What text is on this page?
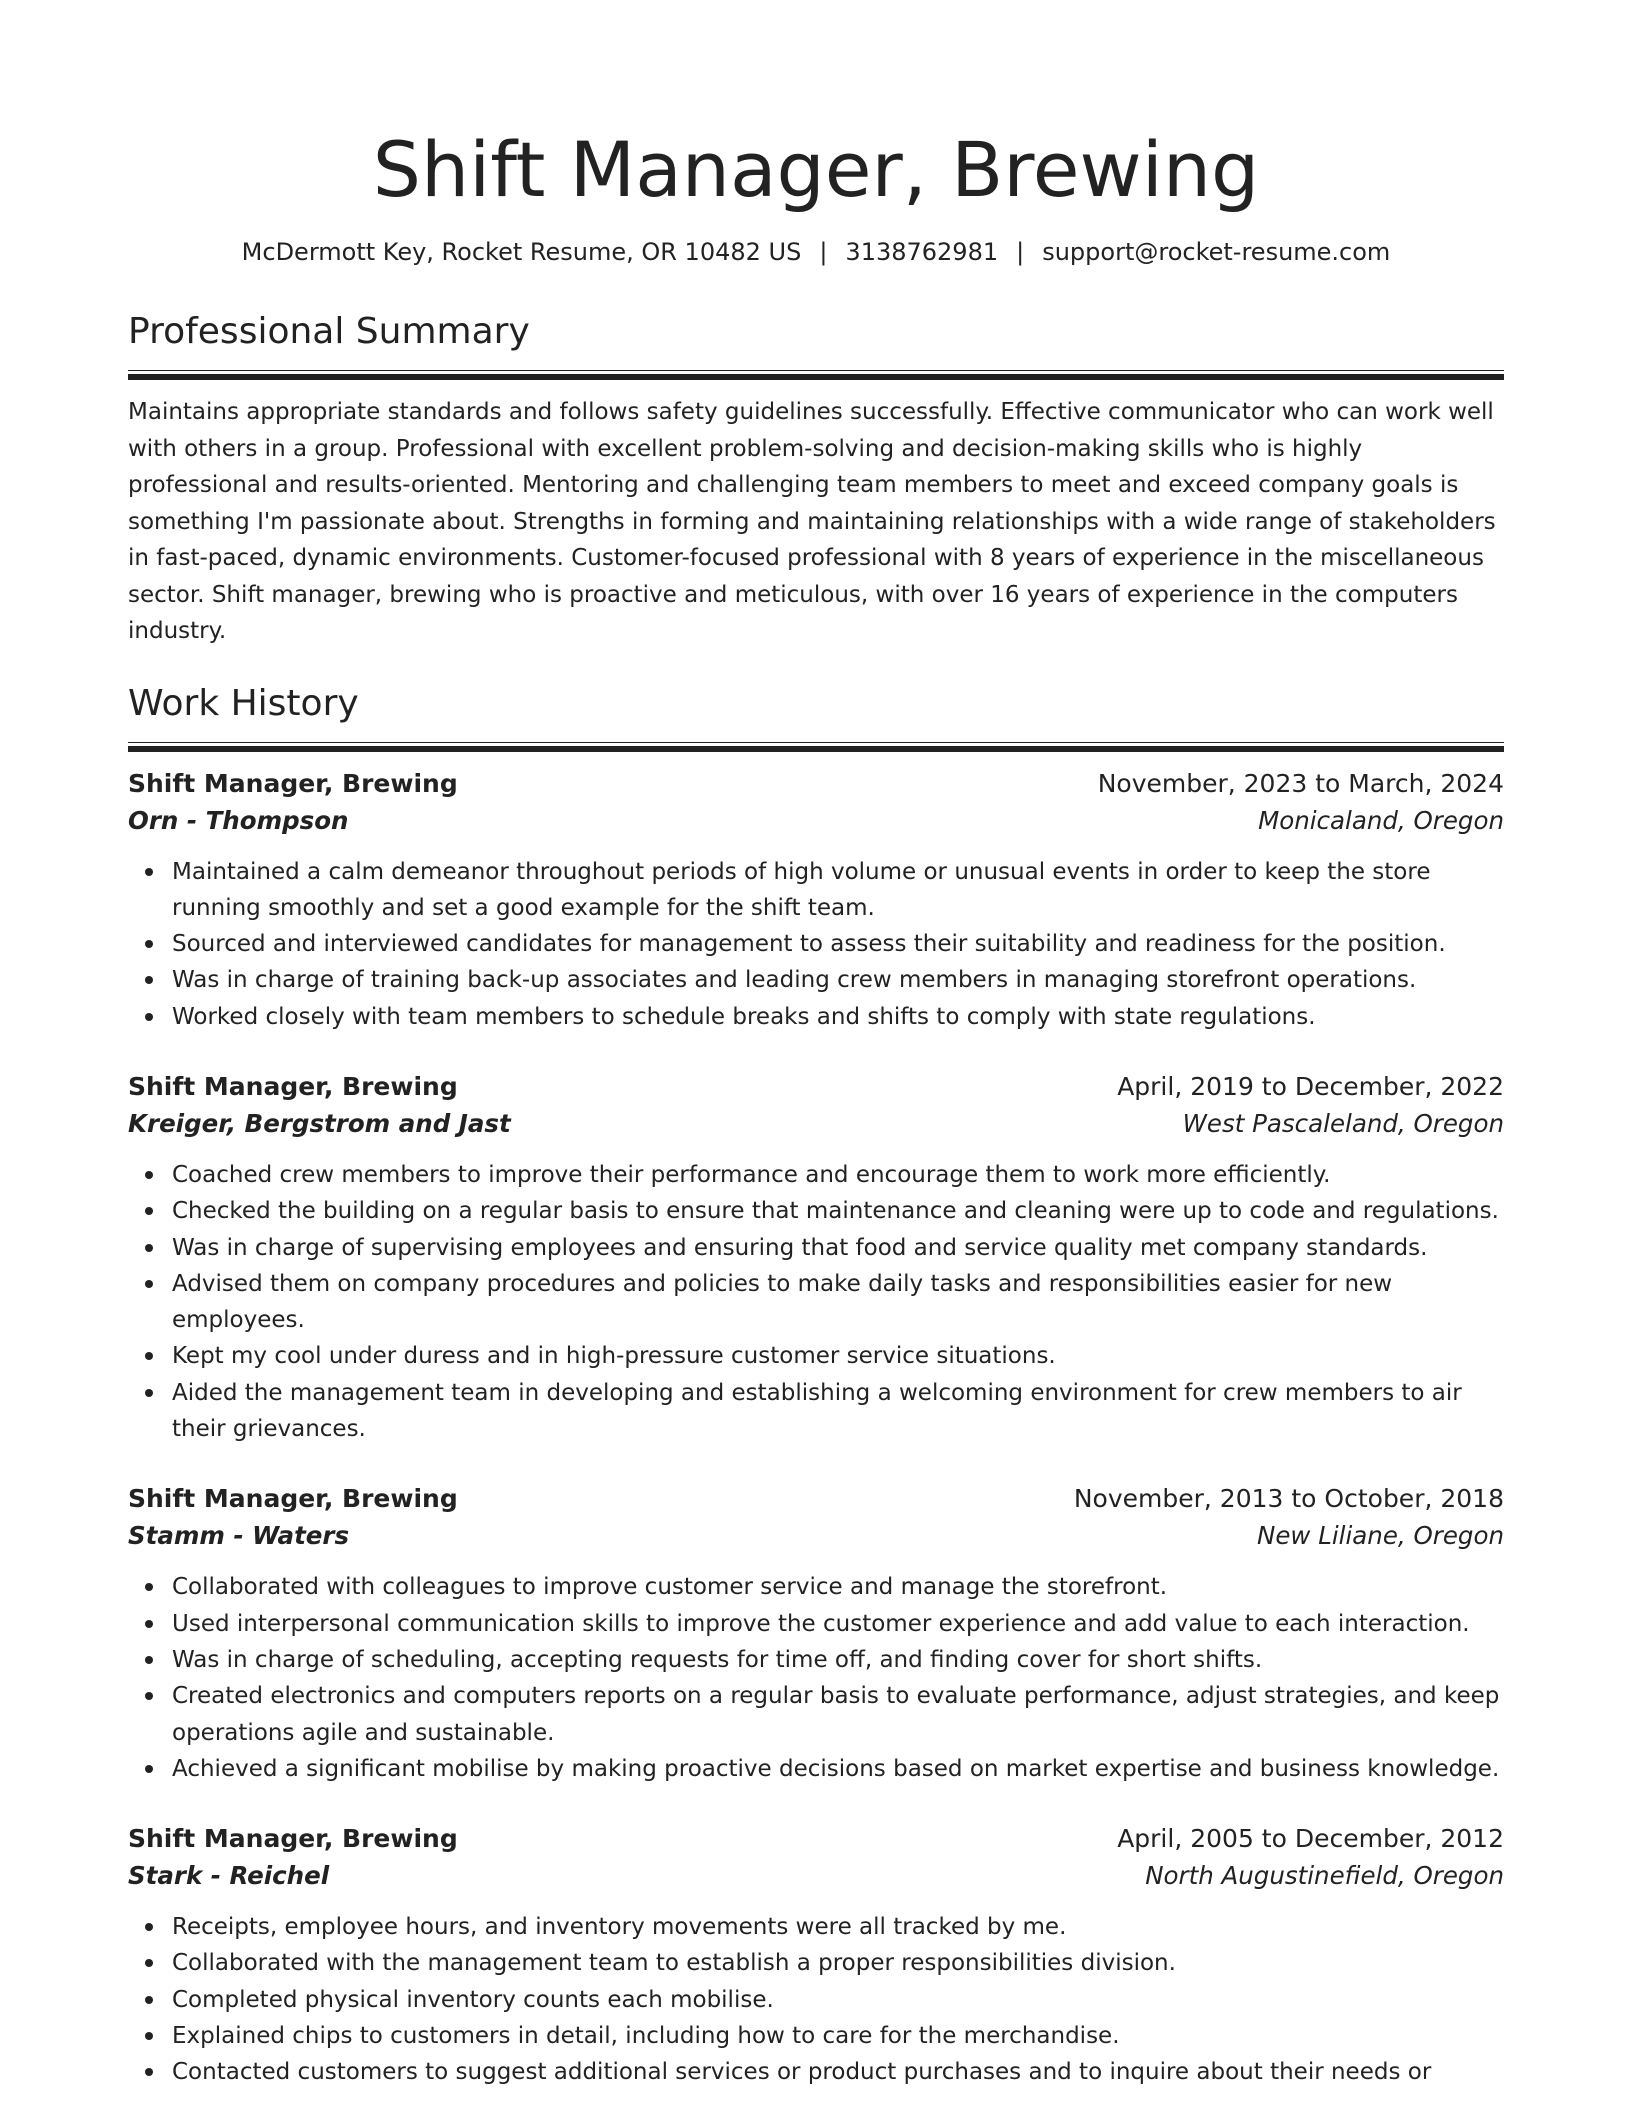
Shift Manager, Brewing
McDermott Key, Rocket Resume, OR 10482 US | 3138762981 | support@rocket-resume.com
Professional Summary

Maintains appropriate standards and follows safety guidelines successfully. Effective communicator who can work well with others in a group. Professional with excellent problem-solving and decision-making skills who is highly professional and results-oriented. Mentoring and challenging team members to meet and exceed company goals is something I'm passionate about. Strengths in forming and maintaining relationships with a wide range of stakeholders in fast-paced, dynamic environments. Customer-focused professional with 8 years of experience in the miscellaneous sector. Shift manager, brewing who is proactive and meticulous, with over 16 years of experience in the computers industry.

Work History
Shift Manager, Brewing	November, 2023 to March, 2024
Orn - Thompson	Monicaland, Oregon
Maintained a calm demeanor throughout periods of high volume or unusual events in order to keep the store running smoothly and set a good example for the shift team.
Sourced and interviewed candidates for management to assess their suitability and readiness for the position.
Was in charge of training back-up associates and leading crew members in managing storefront operations.
Worked closely with team members to schedule breaks and shifts to comply with state regulations.
Shift Manager, Brewing	April, 2019 to December, 2022
Kreiger, Bergstrom and Jast	West Pascaleland, Oregon
Coached crew members to improve their performance and encourage them to work more efficiently.
Checked the building on a regular basis to ensure that maintenance and cleaning were up to code and regulations.
Was in charge of supervising employees and ensuring that food and service quality met company standards.
Advised them on company procedures and policies to make daily tasks and responsibilities easier for new employees.
Kept my cool under duress and in high-pressure customer service situations.
Aided the management team in developing and establishing a welcoming environment for crew members to air their grievances.
Shift Manager, Brewing	November, 2013 to October, 2018
Stamm - Waters	New Liliane, Oregon
Collaborated with colleagues to improve customer service and manage the storefront.
Used interpersonal communication skills to improve the customer experience and add value to each interaction.
Was in charge of scheduling, accepting requests for time off, and finding cover for short shifts.
Created electronics and computers reports on a regular basis to evaluate performance, adjust strategies, and keep operations agile and sustainable.
Achieved a significant mobilise by making proactive decisions based on market expertise and business knowledge.
Shift Manager, Brewing	April, 2005 to December, 2012
Stark - Reichel	North Augustinefield, Oregon
Receipts, employee hours, and inventory movements were all tracked by me.
Collaborated with the management team to establish a proper responsibilities division.
Completed physical inventory counts each mobilise.
Explained chips to customers in detail, including how to care for the merchandise.
Contacted customers to suggest additional services or product purchases and to inquire about their needs or
